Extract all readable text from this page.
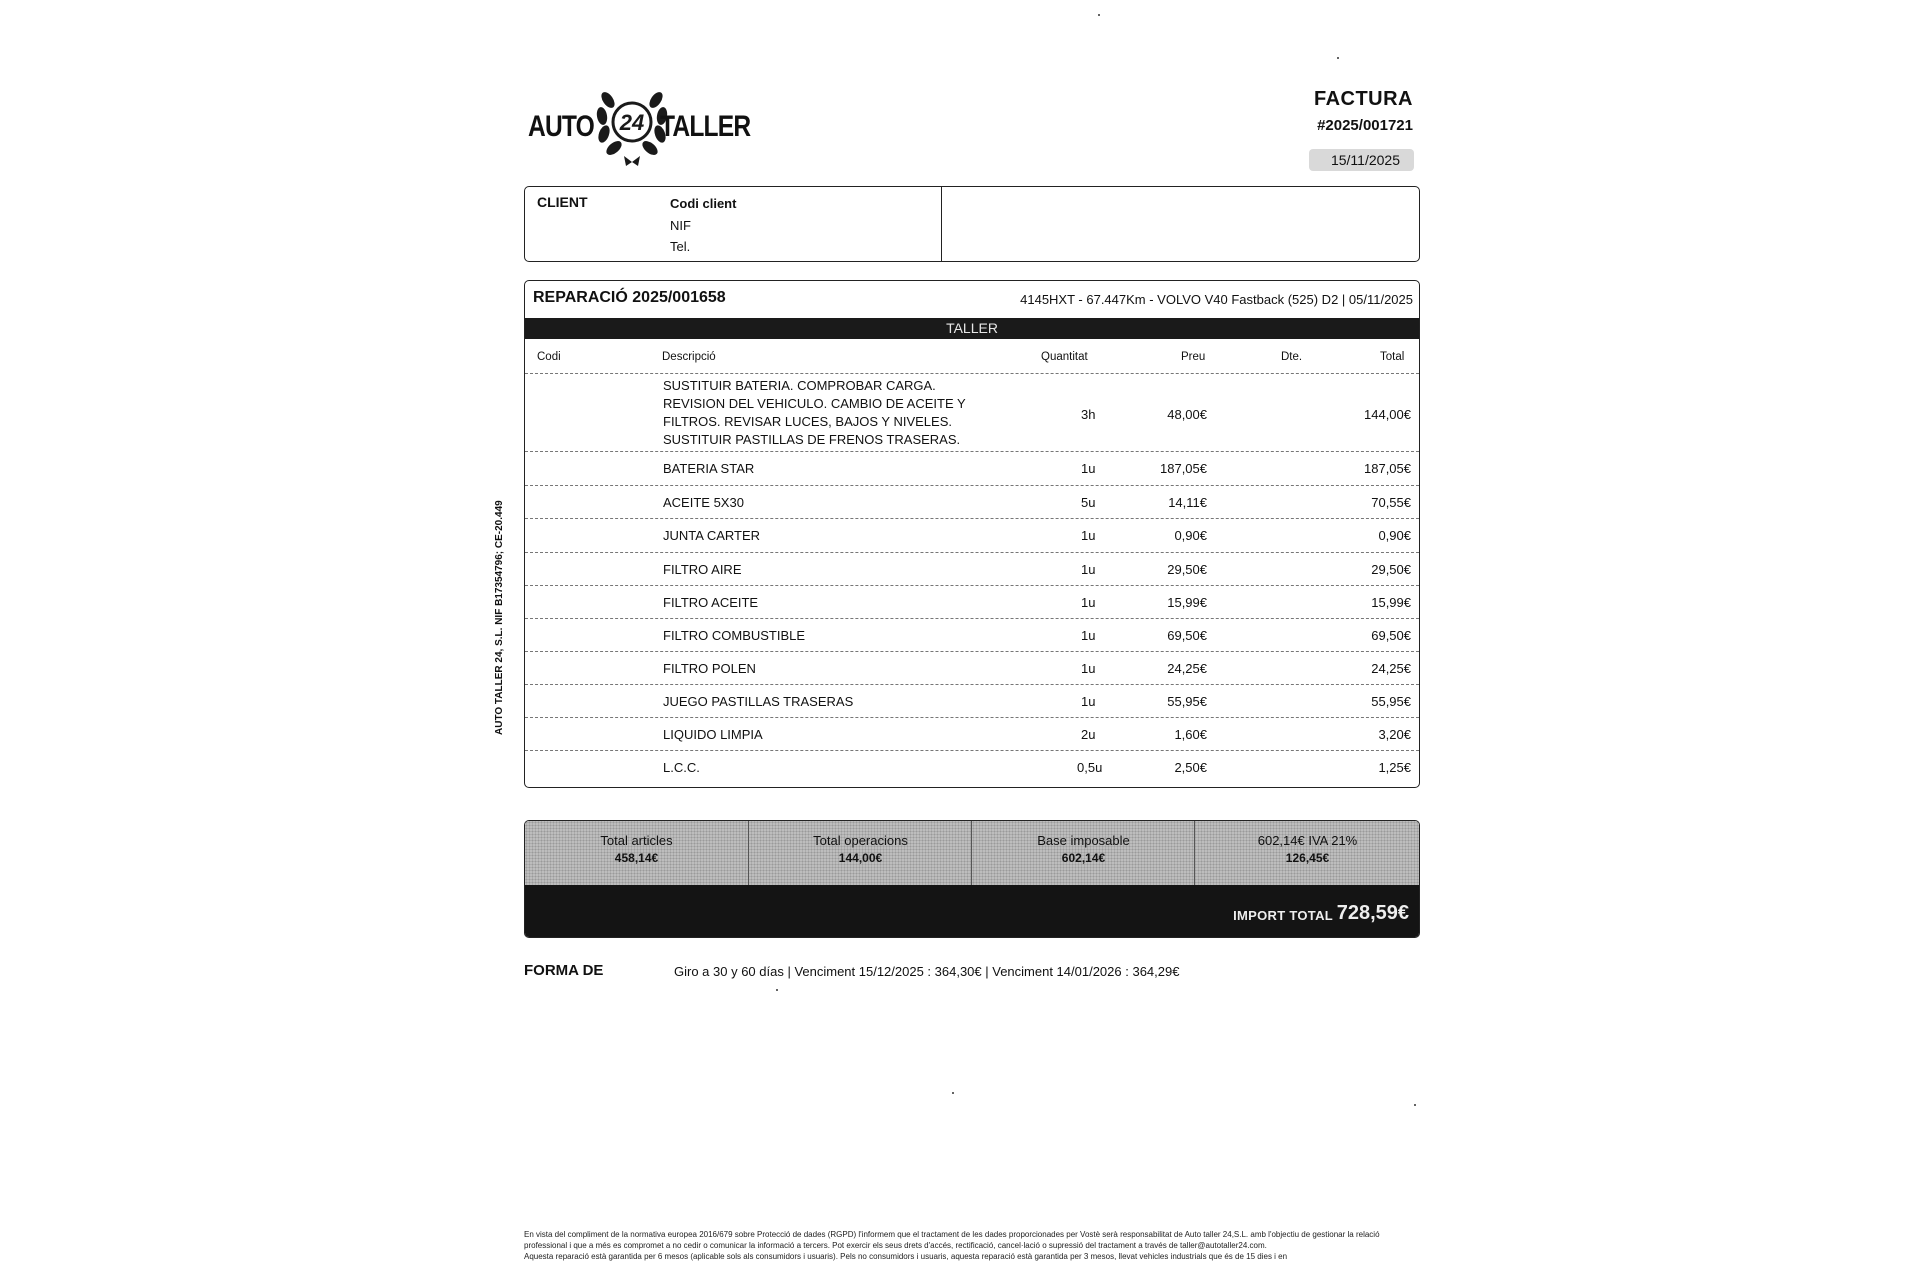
AUTO 24 TALLER
FACTURA
#2025/001721
15/11/2025
CLIENT	Codi client
NIF
Tel.
REPARACIÓ 2025/001658	4145HXT - 67.447Km - VOLVO V40 Fastback (525) D2 | 05/11/2025
TALLER
Codi	Descripció	Quantitat	Preu	Dte.	Total
SUSTITUIR BATERIA. COMPROBAR CARGA.
REVISION DEL VEHICULO. CAMBIO DE ACEITE Y
FILTROS. REVISAR LUCES, BAJOS Y NIVELES.
SUSTITUIR PASTILLAS DE FRENOS TRASERAS.
3h	48,00€	144,00€
BATERIA STAR	1u	187,05€	187,05€
ACEITE 5X30	5u	14,11€	70,55€
JUNTA CARTER	1u	0,90€	0,90€
FILTRO AIRE	1u	29,50€	29,50€
FILTRO ACEITE	1u	15,99€	15,99€
FILTRO COMBUSTIBLE	1u	69,50€	69,50€
FILTRO POLEN	1u	24,25€	24,25€
JUEGO PASTILLAS TRASERAS	1u	55,95€	55,95€
LIQUIDO LIMPIA	2u	1,60€	3,20€
L.C.C.	0,5u	2,50€	1,25€
Total articles
458,14€
Total operacions
144,00€
Base imposable
602,14€
602,14€ IVA 21%
126,45€
IMPORT TOTAL 728,59€
FORMA DE	Giro a 30 y 60 días | Venciment 15/12/2025 : 364,30€ | Venciment 14/01/2026 : 364,29€
AUTO TALLER 24, S.L. NIF B17354796; CE-20.449

En vista del compliment de la normativa europea 2016/679 sobre Protecció de dades (RGPD) l'informem que el tractament de les dades proporcionades per Vostè serà responsabilitat de Auto taller 24,S.L. amb l'objectiu de gestionar la relació professional i que a més es compromet a no cedir o comunicar la informació a tercers. Pot exercir els seus drets d'accés, rectificació, cancel·lació o supressió del tractament a través de taller@autotaller24.com.

Aquesta reparació està garantida per 6 mesos (aplicable sols als consumidors i usuaris). Pels no consumidors i usuaris, aquesta reparació està garantida per 3 mesos, llevat vehicles industrials que és de 15 dies i en
